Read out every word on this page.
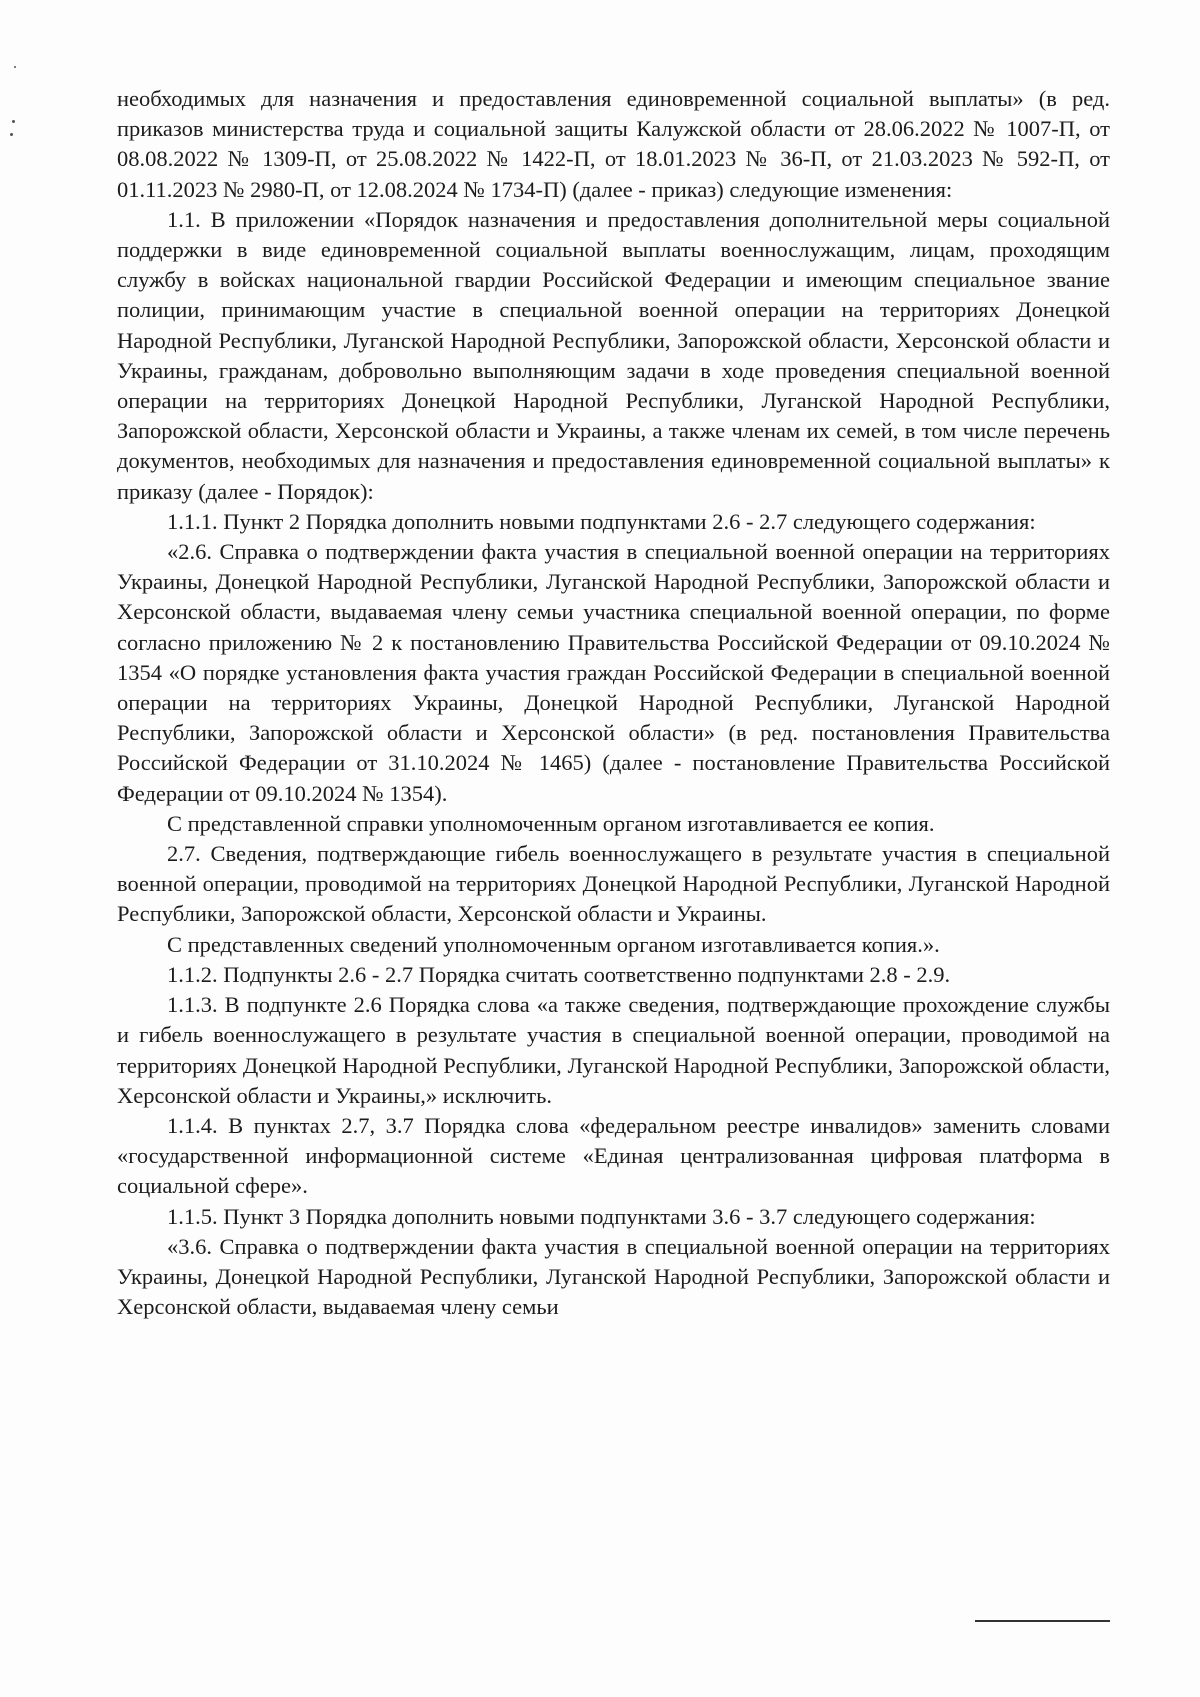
необходимых для назначения и предоставления единовременной социальной выплаты» (в ред. приказов министерства труда и социальной защиты Калужской области от 28.06.2022 № 1007-П, от 08.08.2022 № 1309-П, от 25.08.2022 № 1422-П, от 18.01.2023 № 36-П, от 21.03.2023 № 592-П, от 01.11.2023 № 2980-П, от 12.08.2024 № 1734-П) (далее - приказ) следующие изменения:

1.1. В приложении «Порядок назначения и предоставления дополнительной меры социальной поддержки в виде единовременной социальной выплаты военнослужащим, лицам, проходящим службу в войсках национальной гвардии Российской Федерации и имеющим специальное звание полиции, принимающим участие в специальной военной операции на территориях Донецкой Народной Республики, Луганской Народной Республики, Запорожской области, Херсонской области и Украины, гражданам, добровольно выполняющим задачи в ходе проведения специальной военной операции на территориях Донецкой Народной Республики, Луганской Народной Республики, Запорожской области, Херсонской области и Украины, а также членам их семей, в том числе перечень документов, необходимых для назначения и предоставления единовременной социальной выплаты» к приказу (далее - Порядок):

1.1.1. Пункт 2 Порядка дополнить новыми подпунктами 2.6 - 2.7 следующего содержания:

«2.6. Справка о подтверждении факта участия в специальной военной операции на территориях Украины, Донецкой Народной Республики, Луганской Народной Республики, Запорожской области и Херсонской области, выдаваемая члену семьи участника специальной военной операции, по форме согласно приложению № 2 к постановлению Правительства Российской Федерации от 09.10.2024 № 1354 «О порядке установления факта участия граждан Российской Федерации в специальной военной операции на территориях Украины, Донецкой Народной Республики, Луганской Народной Республики, Запорожской области и Херсонской области» (в ред. постановления Правительства Российской Федерации от 31.10.2024 № 1465) (далее - постановление Правительства Российской Федерации от 09.10.2024 № 1354).

С представленной справки уполномоченным органом изготавливается ее копия.

2.7. Сведения, подтверждающие гибель военнослужащего в результате участия в специальной военной операции, проводимой на территориях Донецкой Народной Республики, Луганской Народной Республики, Запорожской области, Херсонской области и Украины.

С представленных сведений уполномоченным органом изготавливается копия.».

1.1.2. Подпункты 2.6 - 2.7 Порядка считать соответственно подпунктами 2.8 - 2.9.

1.1.3. В подпункте 2.6 Порядка слова «а также сведения, подтверждающие прохождение службы и гибель военнослужащего в результате участия в специальной военной операции, проводимой на территориях Донецкой Народной Республики, Луганской Народной Республики, Запорожской области, Херсонской области и Украины,» исключить.

1.1.4. В пунктах 2.7, 3.7 Порядка слова «федеральном реестре инвалидов» заменить словами «государственной информационной системе «Единая централизованная цифровая платформа в социальной сфере».

1.1.5. Пункт 3 Порядка дополнить новыми подпунктами 3.6 - 3.7 следующего содержания:

«3.6. Справка о подтверждении факта участия в специальной военной операции на территориях Украины, Донецкой Народной Республики, Луганской Народной Республики, Запорожской области и Херсонской области, выдаваемая члену семьи
